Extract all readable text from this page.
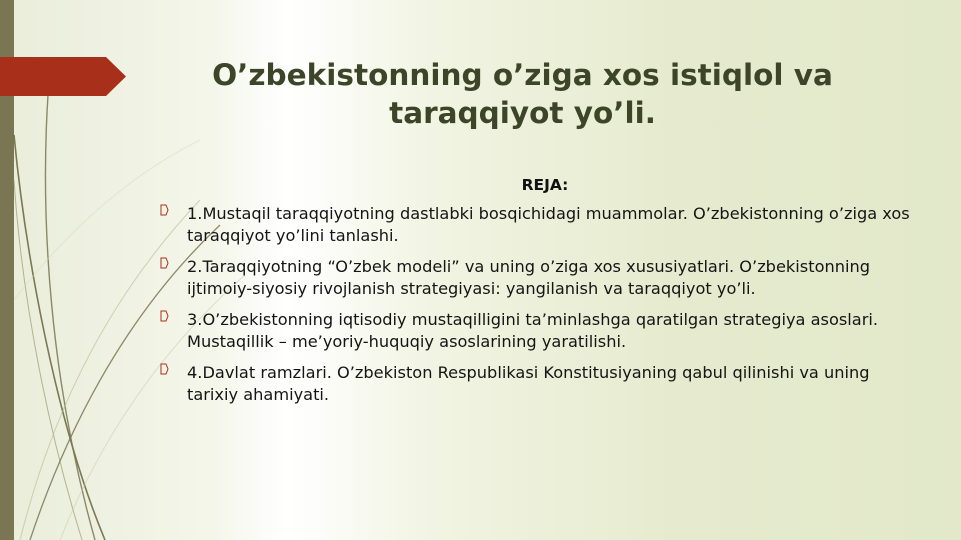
O’zbekistonning o’ziga xos istiqlol va taraqqiyot yo’li.

REJA:

1.Mustaqil taraqqiyotning dastlabki bosqichidagi muammolar. O’zbekistonning o’ziga xos taraqqiyot yo’lini tanlashi.
2.Taraqqiyotning “O’zbek modeli” va uning o’ziga xos xususiyatlari. O’zbekistonning ijtimoiy-siyosiy rivojlanish strategiyasi: yangilanish va taraqqiyot yo’li.
3.O’zbekistonning iqtisodiy mustaqilligini ta’minlashga qaratilgan strategiya asoslari. Mustaqillik – me’yoriy-huquqiy asoslarining yaratilishi.
4.Davlat ramzlari. O’zbekiston Respublikasi Konstitusiyaning qabul qilinishi va uning tarixiy ahamiyati.
